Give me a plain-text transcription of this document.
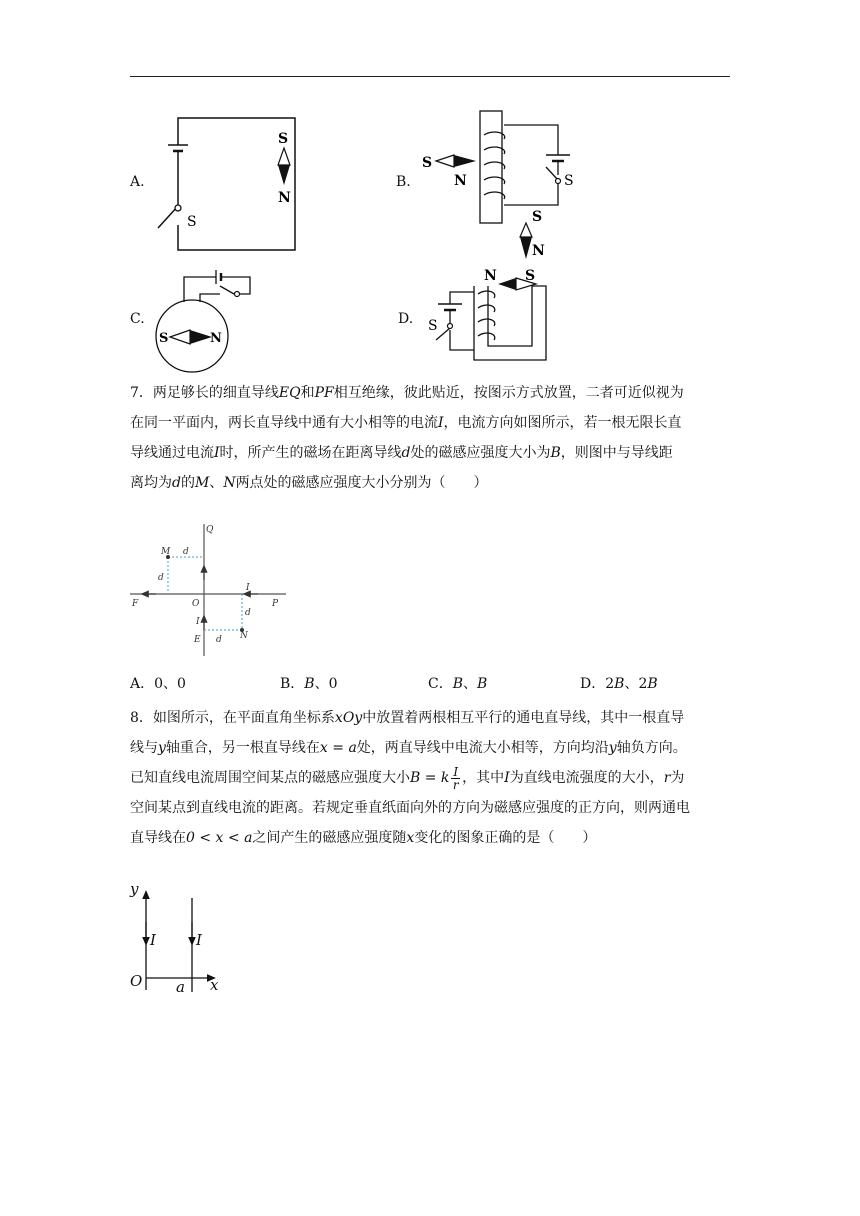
A.	B.
C.	D.
S
S
N
S
S
N
S
N
S	N
S
N S

7．两足够长的细直导线EQ和PF相互绝缘，彼此贴近，按图示方式放置，二者可近似视为

在同一平面内，两长直导线中通有大小相等的电流I，电流方向如图所示，若一根无限长直

导线通过电流I时，所产生的磁场在距离导线d处的磁感应强度大小为B，则图中与导线距

离均为d的M、N两点处的磁感应强度大小分别为（　　）

Q
M d
d
I
F	O	P
d
I
N
E d
A．0、0	B．B、0	C．B、B	D．2B、2B

8．如图所示，在平面直角坐标系xOy中放置着两根相互平行的通电直导线，其中一根直导

线与y轴重合，另一根直导线在x = a处，两直导线中电流大小相等，方向均沿y轴负方向。

已知直线电流周围空间某点的磁感应强度大小B = k $\frac{I}{r}$ ，其中I为直线电流强度的大小，r为

空间某点到直线电流的距离。若规定垂直纸面向外的方向为磁感应强度的正方向，则两通电

直导线在0 < x < a之间产生的磁感应强度随x变化的图象正确的是（　　）

y
I	I
O a x
